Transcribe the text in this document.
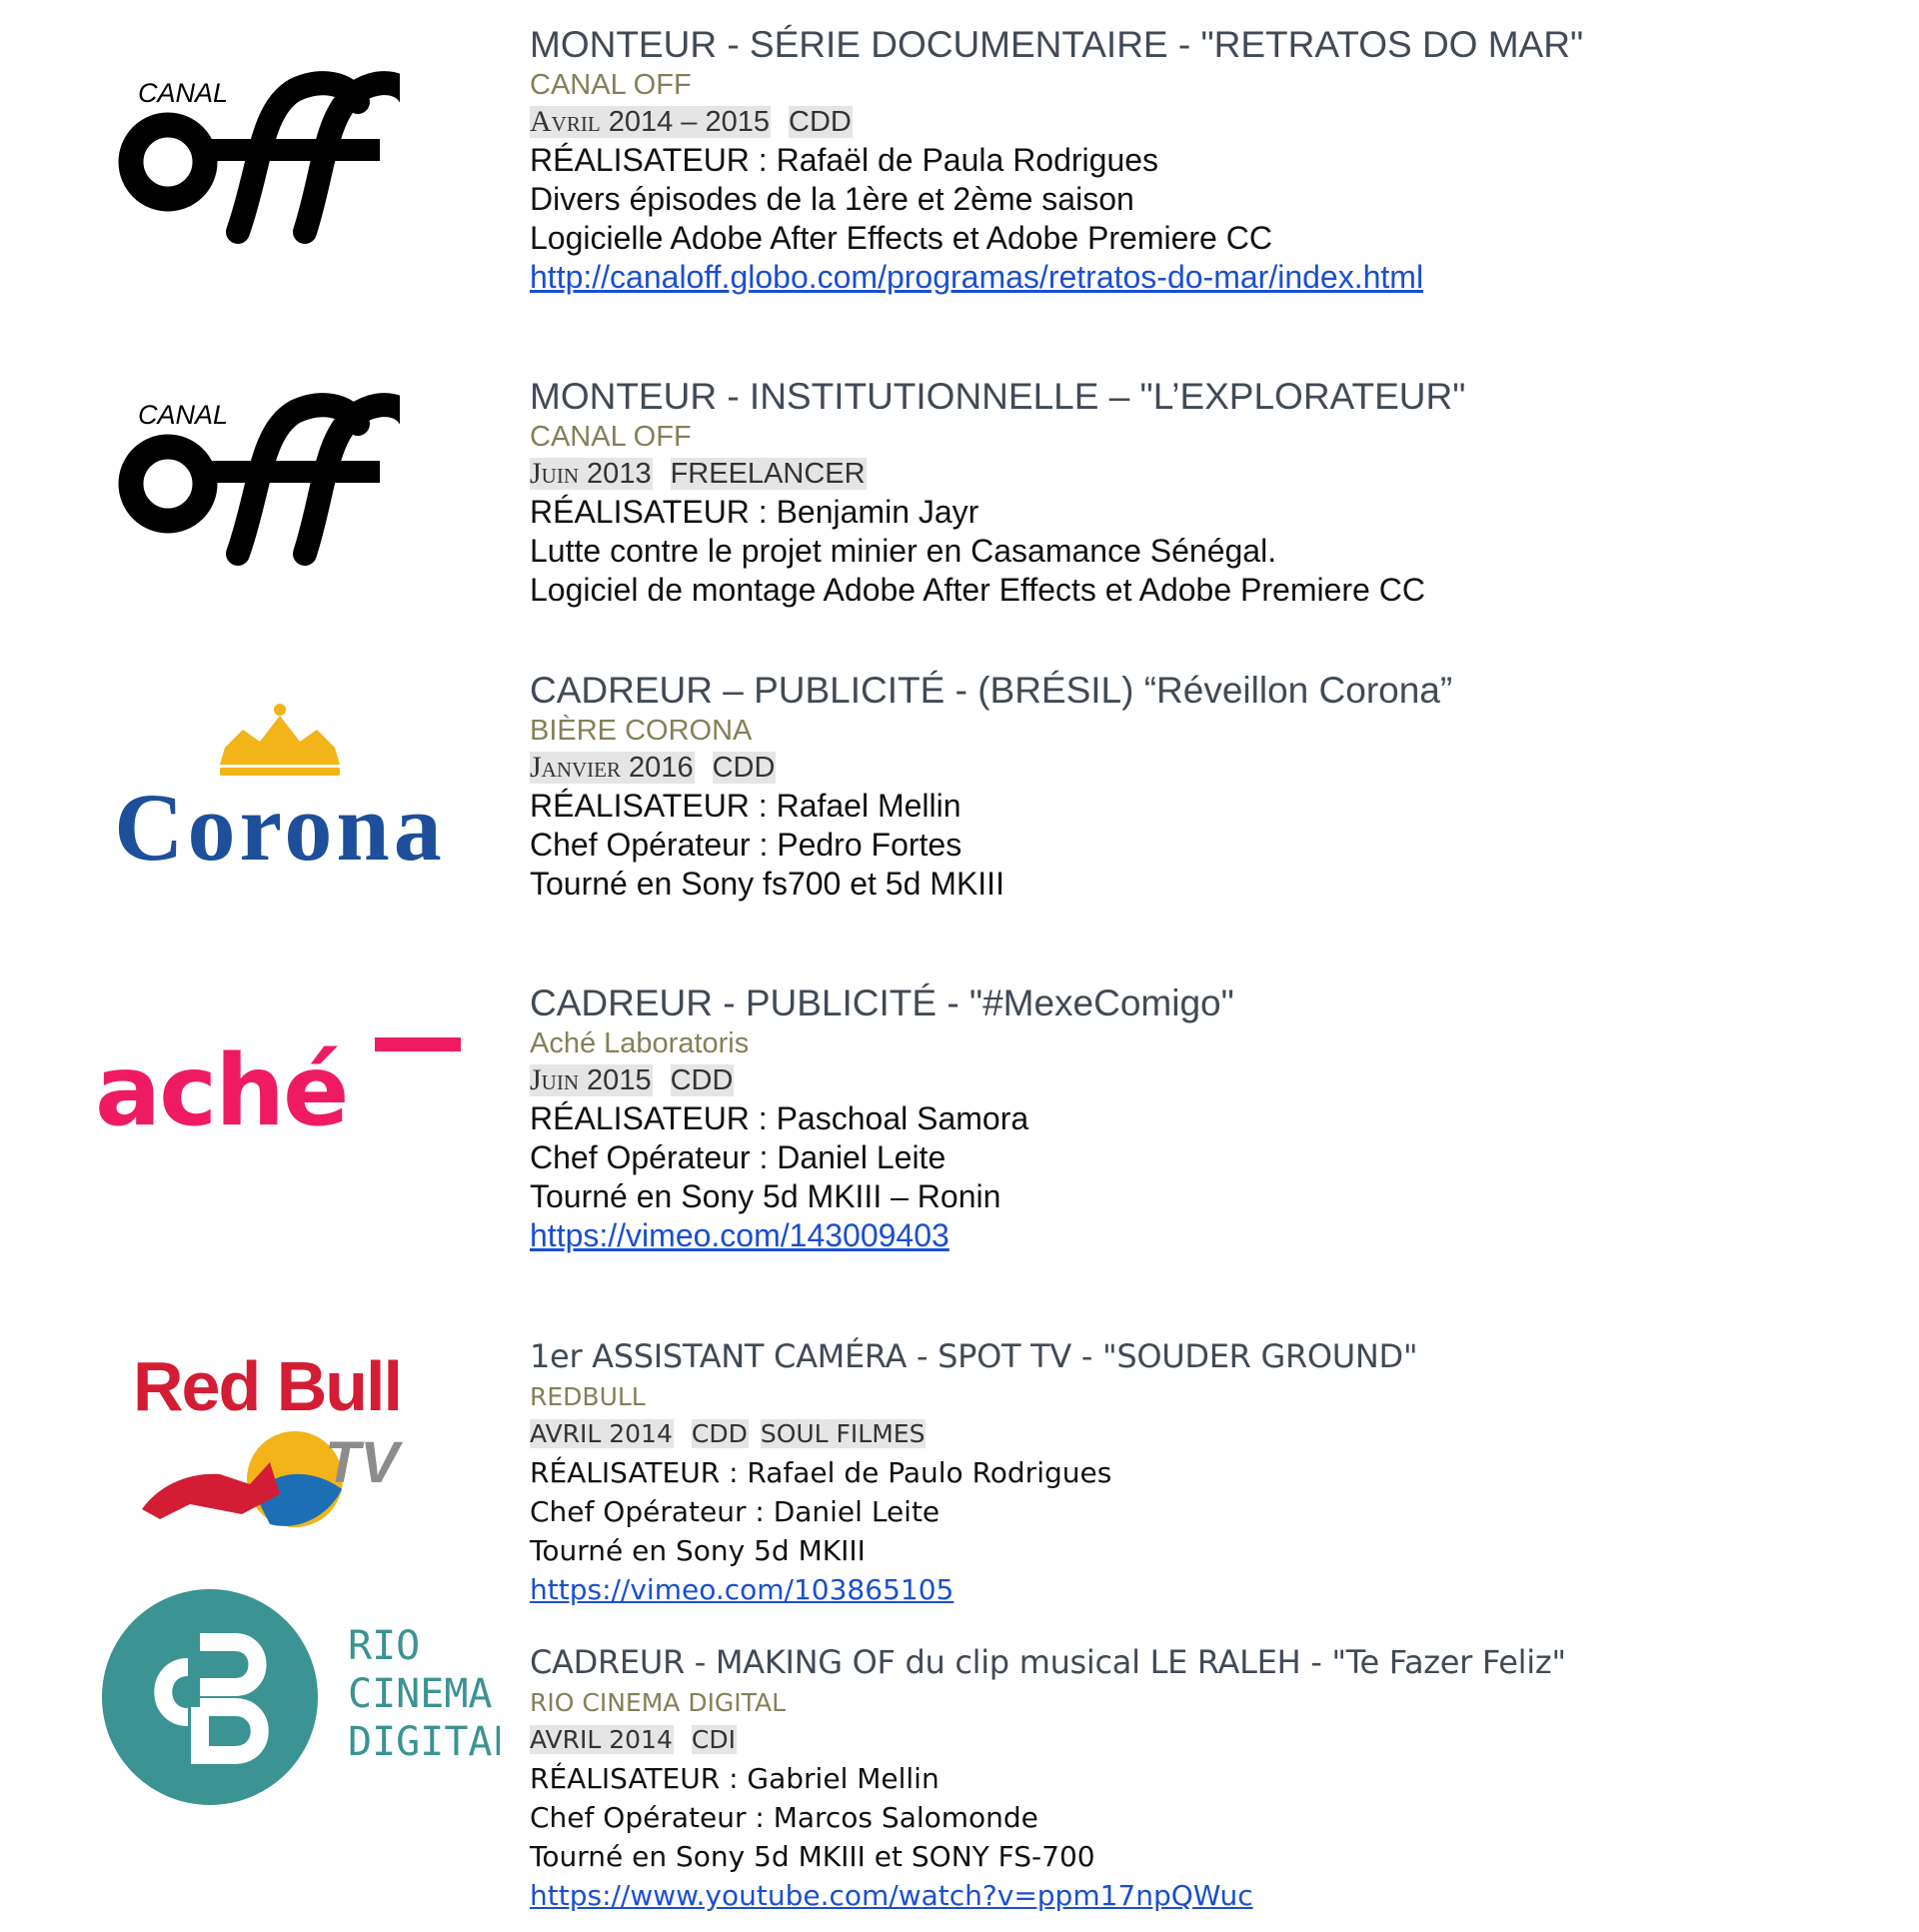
CANAL
CANAL
Corona
aché
Red Bull
TV
RIO
CINEMA
DIGITAL
MONTEUR - SÉRIE DOCUMENTAIRE - "RETRATOS DO MAR"
CANAL OFF
Avril 2014 – 2015 CDD
RÉALISATEUR : Rafaël de Paula Rodrigues
Divers épisodes de la 1ère et 2ème saison
Logicielle Adobe After Effects et Adobe Premiere CC
http://canaloff.globo.com/programas/retratos-do-mar/index.html
MONTEUR - INSTITUTIONNELLE – "L’EXPLORATEUR"
CANAL OFF
Juin 2013 FREELANCER
RÉALISATEUR : Benjamin Jayr
Lutte contre le projet minier en Casamance Sénégal.
Logiciel de montage Adobe After Effects et Adobe Premiere CC
CADREUR – PUBLICITÉ - (BRÉSIL) “Réveillon Corona”
BIÈRE CORONA
Janvier 2016 CDD
RÉALISATEUR : Rafael Mellin
Chef Opérateur : Pedro Fortes
Tourné en Sony fs700 et 5d MKIII
CADREUR - PUBLICITÉ - "#MexeComigo"
Aché Laboratoris
Juin 2015 CDD
RÉALISATEUR : Paschoal Samora
Chef Opérateur : Daniel Leite
Tourné en Sony 5d MKIII – Ronin
https://vimeo.com/143009403
1er ASSISTANT CAMÉRA - SPOT TV - "SOUDER GROUND"
REDBULL
AVRIL 2014 CDD SOUL FILMES
RÉALISATEUR : Rafael de Paulo Rodrigues
Chef Opérateur : Daniel Leite
Tourné en Sony 5d MKIII
https://vimeo.com/103865105
CADREUR - MAKING OF du clip musical LE RALEH - "Te Fazer Feliz"
RIO CINEMA DIGITAL
AVRIL 2014 CDI
RÉALISATEUR : Gabriel Mellin
Chef Opérateur : Marcos Salomonde
Tourné en Sony 5d MKIII et SONY FS-700
https://www.youtube.com/watch?v=ppm17npQWuc
